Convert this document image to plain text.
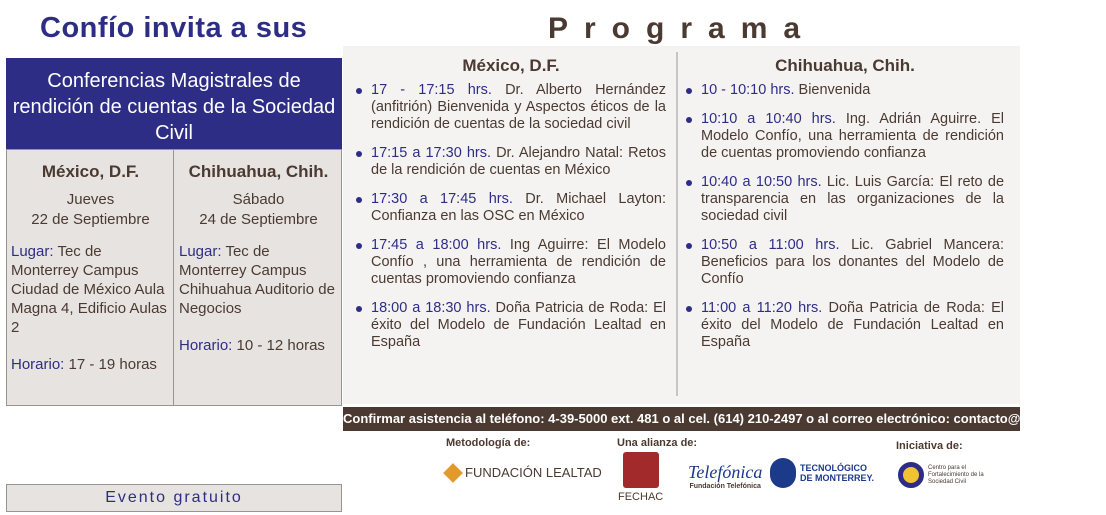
Confío invita a sus
Conferencias Magistrales de rendición de cuentas de la Sociedad Civil
México, D.F.
Jueves
22 de Septiembre
Lugar: Tec de Monterrey Campus Ciudad de México Aula Magna 4, Edificio Aulas 2
Horario: 17 - 19 horas
Chihuahua, Chih.
Sábado
24 de Septiembre
Lugar: Tec de Monterrey Campus Chihuahua Auditorio de Negocios
Horario: 10 - 12 horas
Evento gratuito
Programa
México, D.F.
17 - 17:15 hrs. Dr. Alberto Hernández (anfitrión) Bienvenida y Aspectos éticos de la rendición de cuentas de la sociedad civil
17:15 a 17:30 hrs. Dr. Alejandro Natal: Retos de la rendición de cuentas en México
17:30 a 17:45 hrs. Dr. Michael Layton: Confianza en las OSC en México
17:45 a 18:00 hrs. Ing Aguirre: El Modelo Confío , una herramienta de rendición de cuentas promoviendo confianza
18:00 a 18:30 hrs. Doña Patricia de Roda: El éxito del Modelo de Fundación Lealtad en España
Chihuahua, Chih.
10 - 10:10 hrs. Bienvenida
10:10 a 10:40 hrs. Ing. Adrián Aguirre. El Modelo Confío, una herramienta de rendición de cuentas promoviendo confianza
10:40 a 10:50 hrs. Lic. Luis García: El reto de transparencia en las organizaciones de la sociedad civil
10:50 a 11:00 hrs. Lic. Gabriel Mancera: Beneficios para los donantes del Modelo de Confío
11:00 a 11:20 hrs. Doña Patricia de Roda: El éxito del Modelo de Fundación Lealtad en España
Confirmar asistencia al teléfono: 4-39-5000 ext. 481 o al cel. (614) 210-2497 o al correo electrónico: contacto@confio.org.mx
Metodología de:	Una alianza de:	Iniciativa de:
FUNDACIÓN LEALTAD
FECHAC
Telefónica
Fundación Telefónica
TECNOLÓGICO
DE MONTERREY.
Centro para el Fortalecimiento de la Sociedad Civil
